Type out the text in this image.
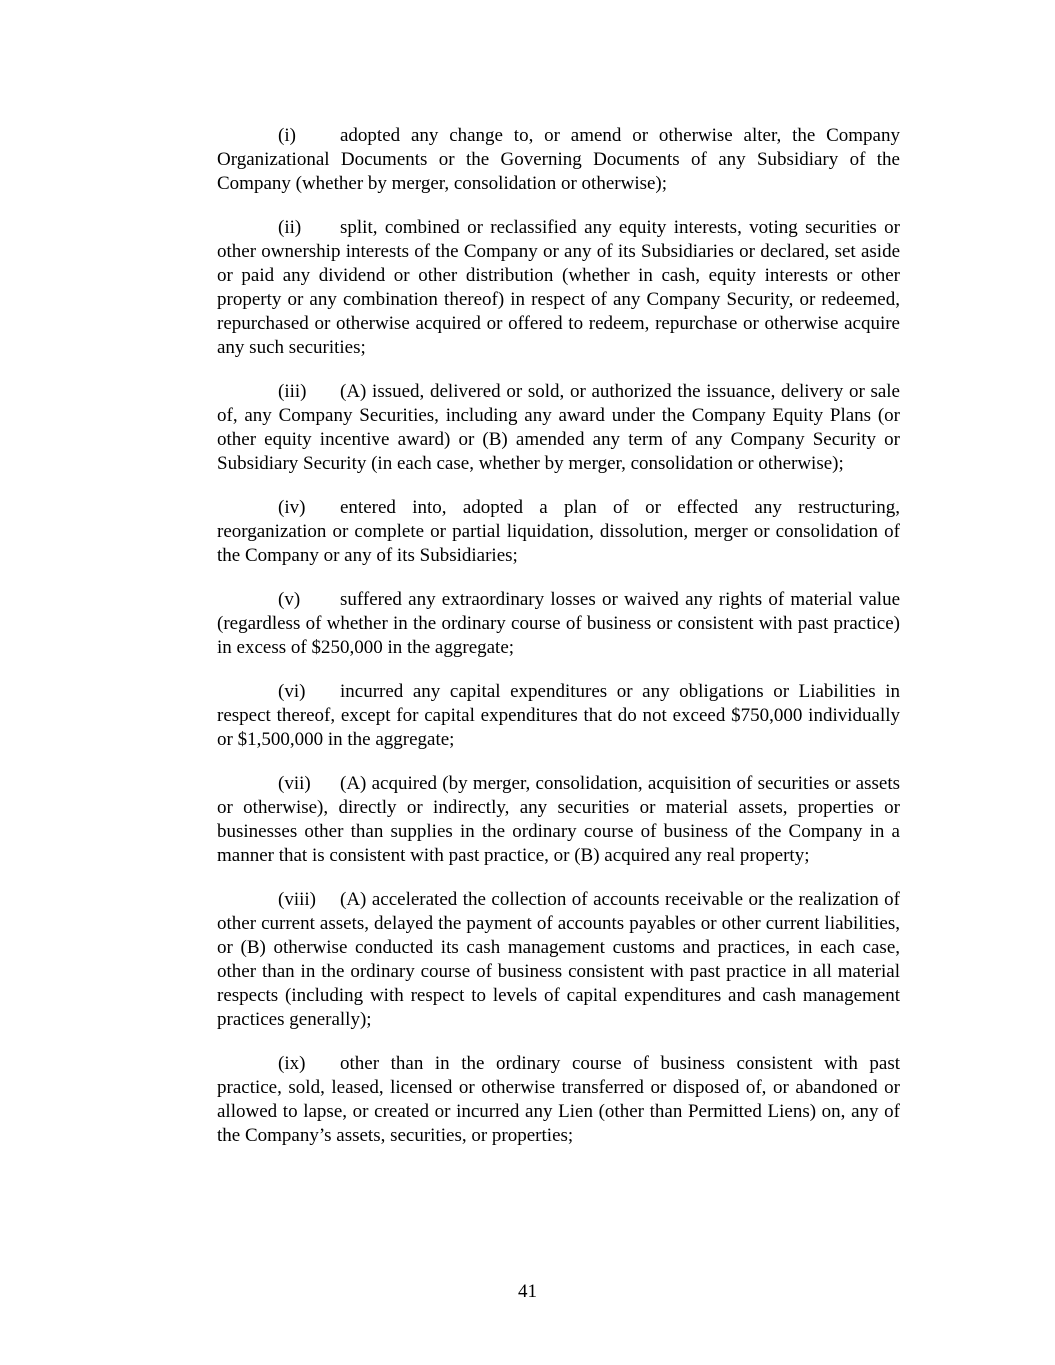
(i) adopted any change to, or amend or otherwise alter, the Company Organizational Documents or the Governing Documents of any Subsidiary of the Company (whether by merger, consolidation or otherwise);

(ii) split, combined or reclassified any equity interests, voting securities or other ownership interests of the Company or any of its Subsidiaries or declared, set aside or paid any dividend or other distribution (whether in cash, equity interests or other property or any combination thereof) in respect of any Company Security, or redeemed, repurchased or otherwise acquired or offered to redeem, repurchase or otherwise acquire any such securities;

(iii) (A) issued, delivered or sold, or authorized the issuance, delivery or sale of, any Company Securities, including any award under the Company Equity Plans (or other equity incentive award) or (B) amended any term of any Company Security or Subsidiary Security (in each case, whether by merger, consolidation or otherwise);

(iv) entered into, adopted a plan of or effected any restructuring, reorganization or complete or partial liquidation, dissolution, merger or consolidation of the Company or any of its Subsidiaries;

(v) suffered any extraordinary losses or waived any rights of material value (regardless of whether in the ordinary course of business or consistent with past practice) in excess of $250,000 in the aggregate;

(vi) incurred any capital expenditures or any obligations or Liabilities in respect thereof, except for capital expenditures that do not exceed $750,000 individually or $1,500,000 in the aggregate;

(vii) (A) acquired (by merger, consolidation, acquisition of securities or assets or otherwise), directly or indirectly, any securities or material assets, properties or businesses other than supplies in the ordinary course of business of the Company in a manner that is consistent with past practice, or (B) acquired any real property;

(viii) (A) accelerated the collection of accounts receivable or the realization of other current assets, delayed the payment of accounts payables or other current liabilities, or (B) otherwise conducted its cash management customs and practices, in each case, other than in the ordinary course of business consistent with past practice in all material respects (including with respect to levels of capital expenditures and cash management practices generally);

(ix) other than in the ordinary course of business consistent with past practice, sold, leased, licensed or otherwise transferred or disposed of, or abandoned or allowed to lapse, or created or incurred any Lien (other than Permitted Liens) on, any of the Company’s assets, securities, or properties;

41
